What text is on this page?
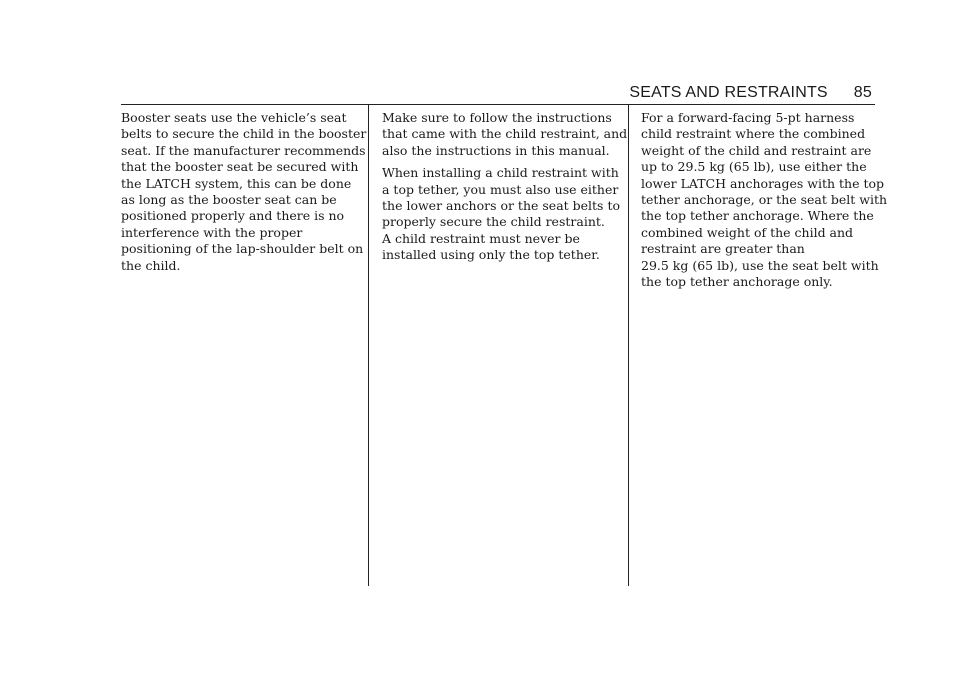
SEATS AND RESTRAINTS 85

Booster seats use the vehicle’s seat
belts to secure the child in the booster
seat. If the manufacturer recommends
that the booster seat be secured with
the LATCH system, this can be done
as long as the booster seat can be
positioned properly and there is no
interference with the proper
positioning of the lap-shoulder belt on
the child.

Make sure to follow the instructions
that came with the child restraint, and
also the instructions in this manual.

When installing a child restraint with
a top tether, you must also use either
the lower anchors or the seat belts to
properly secure the child restraint.
A child restraint must never be
installed using only the top tether.

For a forward-facing 5-pt harness
child restraint where the combined
weight of the child and restraint are
up to 29.5 kg (65 lb), use either the
lower LATCH anchorages with the top
tether anchorage, or the seat belt with
the top tether anchorage. Where the
combined weight of the child and
restraint are greater than
29.5 kg (65 lb), use the seat belt with
the top tether anchorage only.
